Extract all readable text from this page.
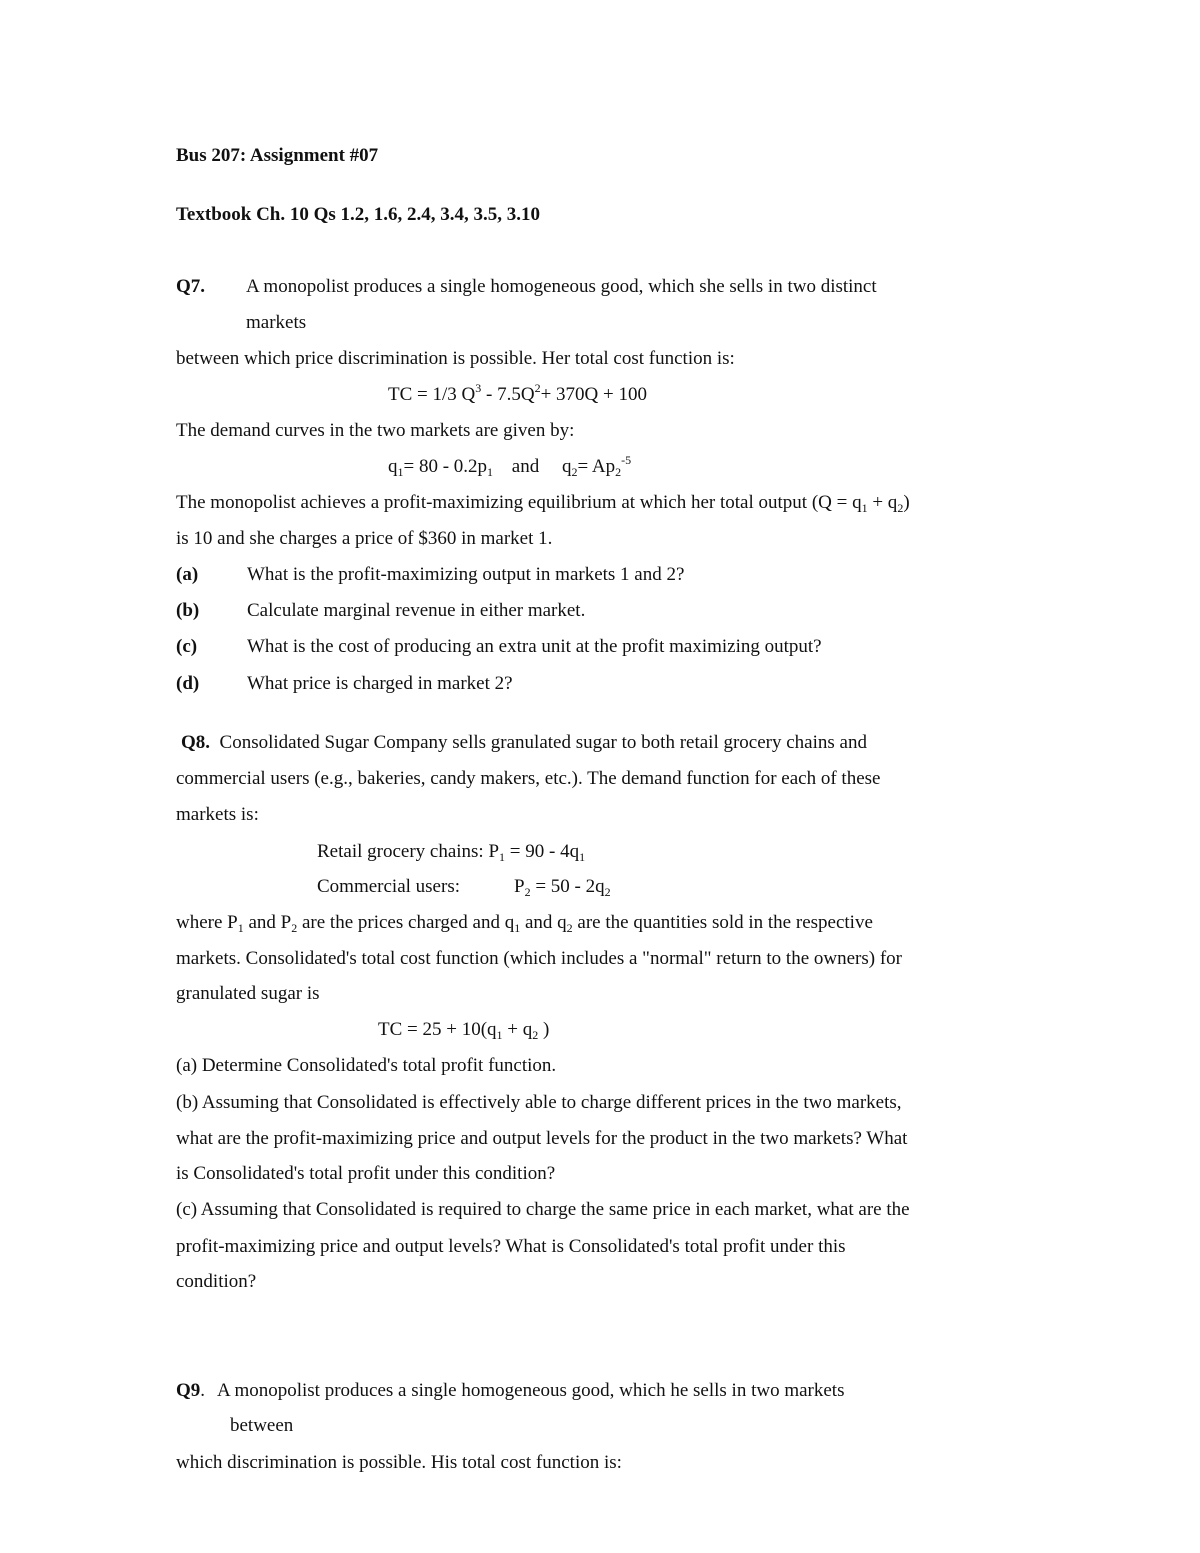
Bus 207: Assignment #07
Textbook Ch. 10 Qs 1.2, 1.6, 2.4, 3.4, 3.5, 3.10
Q7. A monopolist produces a single homogeneous good, which she sells in two distinct
markets
between which price discrimination is possible. Her total cost function is:
TC = 1/3 $Q^3 - 7.5Q^2+ 370Q + 100$
The demand curves in the two markets are given by:
$q_1= 80 - 0.2p_1$ and $q_2= Ap_2^{-5}$
The monopolist achieves a profit-maximizing equilibrium at which her total output $(Q = q_1 + q_2)$
is 10 and she charges a price of $360 in market 1.
(a)	What is the profit-maximizing output in markets 1 and 2?
(b)	Calculate marginal revenue in either market.
(c)	What is the cost of producing an extra unit at the profit maximizing output?
(d)	What price is charged in market 2?
Q8. Consolidated Sugar Company sells granulated sugar to both retail grocery chains and
commercial users (e.g., bakeries, candy makers, etc.). The demand function for each of these
markets is:
Retail grocery chains: $P_1 = 90 - 4q_1$
Commercial users:	$P_2 = 50 - 2q_2$
where $P_1$ and $P_2$ are the prices charged and $q_1$ and $q_2$ are the quantities sold in the respective
markets. Consolidated's total cost function (which includes a "normal" return to the owners) for
granulated sugar is
TC = $25 + 10(q_1 + q_2$ )
(a) Determine Consolidated's total profit function.
(b) Assuming that Consolidated is effectively able to charge different prices in the two markets,
what are the profit-maximizing price and output levels for the product in the two markets? What
is Consolidated's total profit under this condition?
(c) Assuming that Consolidated is required to charge the same price in each market, what are the
profit-maximizing price and output levels? What is Consolidated's total profit under this
condition?
Q9. A monopolist produces a single homogeneous good, which he sells in two markets
between
which discrimination is possible. His total cost function is:
